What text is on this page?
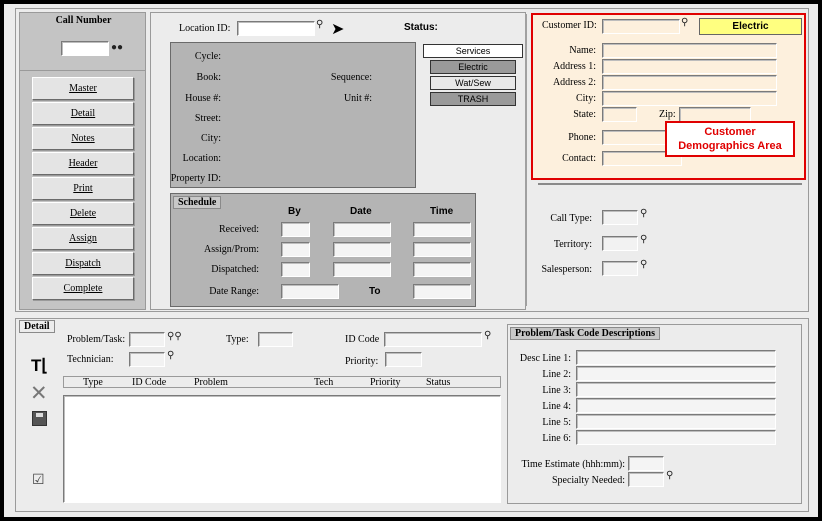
Call Number
●●
Master
Detail
Notes
Header
Print
Delete
Assign
Dispatch
Complete
Location ID:	⚲ ➤	Status:
Cycle:
Book:	Sequence:
House #:	Unit #:
Street:
City:
Location:
Property ID:
Services
Electric
Wat/Sew
TRASH
Schedule
By	Date	Time
Received:
Assign/Prom:
Dispatched:
Date Range:	To
Customer ID:	⚲	Electric
Name:
Address 1:
Address 2:
City:
State:	Zip:
Phone:
Contact:
Customer
Demographics Area
Call Type:	⚲
Territory:	⚲
Salesperson:	⚲
Detail
Problem/Task:	⚲⚲	Type:	ID Code	⚲
Technician:	⚲
Priority:
T⌊
✕
☑
Type	ID Code	Problem	Tech	Priority	Status
Problem/Task Code Descriptions
Desc Line 1:
Line 2:
Line 3:
Line 4:
Line 5:
Line 6:
Time Estimate (hhh:mm):
Specialty Needed:	⚲
